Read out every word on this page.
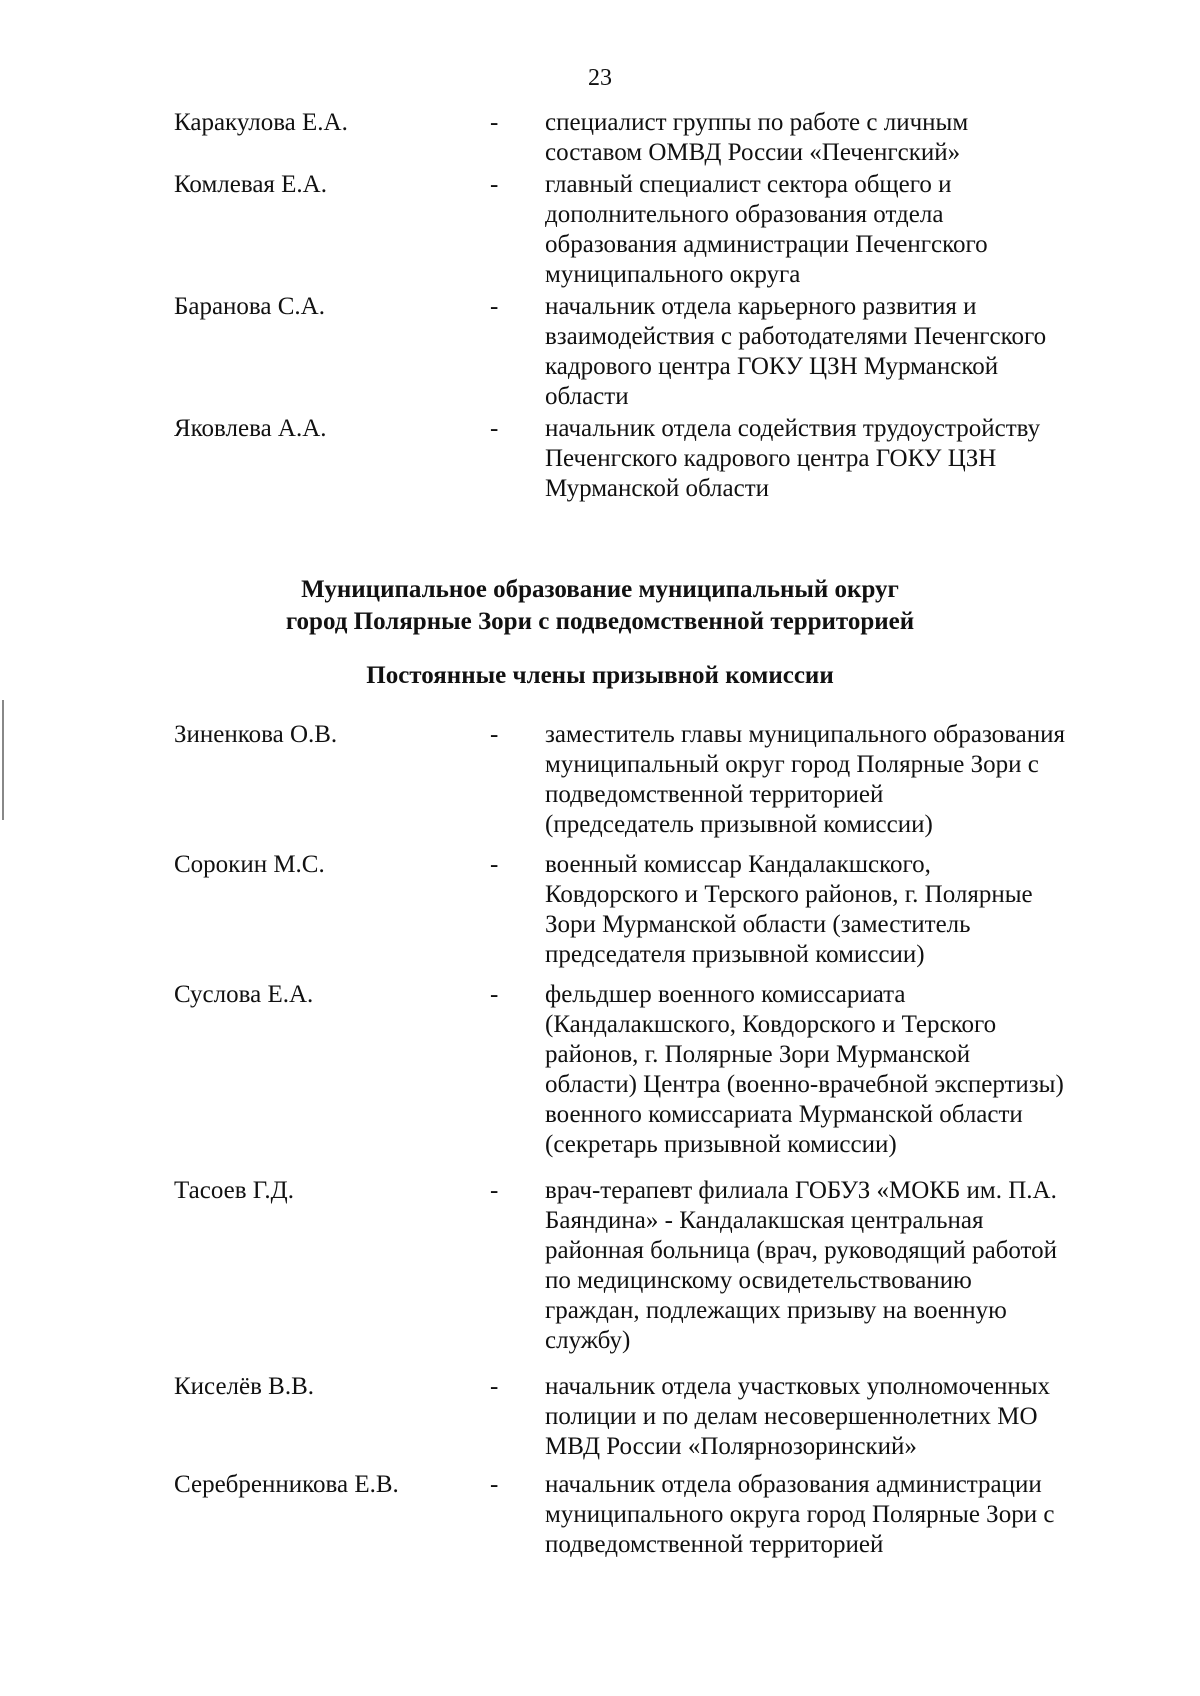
23
Каракулова Е.А.	- специалист группы по работе с личным
составом ОМВД России «Печенгский»
Комлевая Е.А.	- главный специалист сектора общего и
дополнительного образования отдела
образования администрации Печенгского
муниципального округа
Баранова С.А.	- начальник отдела карьерного развития и
взаимодействия с работодателями Печенгского
кадрового центра ГОКУ ЦЗН Мурманской
области
Яковлева А.А.	- начальник отдела содействия трудоустройству
Печенгского кадрового центра ГОКУ ЦЗН
Мурманской области
Муниципальное образование муниципальный округ
город Полярные Зори с подведомственной территорией
Постоянные члены призывной комиссии
Зиненкова О.В.	- заместитель главы муниципального образования
муниципальный округ город Полярные Зори с
подведомственной территорией
(председатель призывной комиссии)
Сорокин М.С.	- военный комиссар Кандалакшского,
Ковдорского и Терского районов, г. Полярные
Зори Мурманской области (заместитель
председателя призывной комиссии)
Суслова Е.А.	- фельдшер военного комиссариата
(Кандалакшского, Ковдорского и Терского
районов, г. Полярные Зори Мурманской
области) Центра (военно-врачебной экспертизы)
военного комиссариата Мурманской области
(секретарь призывной комиссии)
Тасоев Г.Д.	- врач-терапевт филиала ГОБУЗ «МОКБ им. П.А.
Баяндина» - Кандалакшская центральная
районная больница (врач, руководящий работой
по медицинскому освидетельствованию
граждан, подлежащих призыву на военную
службу)
Киселёв В.В.	- начальник отдела участковых уполномоченных
полиции и по делам несовершеннолетних МО
МВД России «Полярнозоринский»
Серебренникова Е.В.	- начальник отдела образования администрации
муниципального округа город Полярные Зори с
подведомственной территорией
